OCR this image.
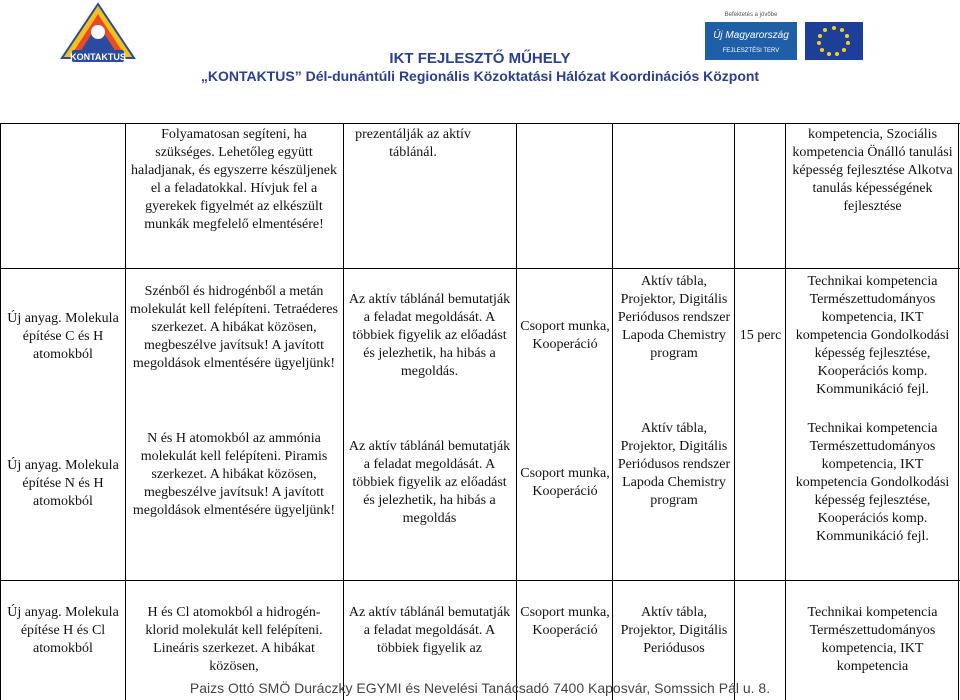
KONTAKTUS
Új Magyarország
FEJLESZTÉSI TERV
Befektetés a jövőbe
IKT FEJLESZTŐ MŰHELY
„KONTAKTUS” Dél-dunántúli Regionális Közoktatási Hálózat Koordinációs Központ
Folyamatosan segíteni, ha szükséges. Lehetőleg együtt haladjanak, és egyszerre készüljenek el a feladatokkal. Hívjuk fel a gyerekek figyelmét az elkészült munkák megfelelő elmentésére!
prezentálják az aktív táblánál.
kompetencia, Szociális kompetencia Önálló tanulási képesség fejlesztése Alkotva tanulás képességének fejlesztése
Új anyag. Molekula építése C és H atomokból
Szénből és hidrogénből a metán molekulát kell felépíteni. Tetraéderes szerkezet. A hibákat közösen, megbeszélve javítsuk! A javított megoldások elmentésére ügyeljünk!
Az aktív táblánál bemutatják a feladat megoldását. A többiek figyelik az előadást és jelezhetik, ha hibás a megoldás.
Csoport munka, Kooperáció
Aktív tábla, Projektor, Digitális Periódusos rendszer Lapoda Chemistry program
15 perc
Technikai kompetencia Természettudományos kompetencia, IKT kompetencia Gondolkodási képesség fejlesztése, Kooperációs komp. Kommunikáció fejl.
Új anyag. Molekula építése N és H atomokból
N és H atomokból az ammónia molekulát kell felépíteni. Piramis szerkezet. A hibákat közösen, megbeszélve javítsuk! A javított megoldások elmentésére ügyeljünk!
Az aktív táblánál bemutatják a feladat megoldását. A többiek figyelik az előadást és jelezhetik, ha hibás a megoldás
Csoport munka, Kooperáció
Aktív tábla, Projektor, Digitális Periódusos rendszer Lapoda Chemistry program
Technikai kompetencia Természettudományos kompetencia, IKT kompetencia Gondolkodási képesség fejlesztése, Kooperációs komp. Kommunikáció fejl.
Új anyag. Molekula építése H és Cl atomokból
H és Cl atomokból a hidrogén- klorid molekulát kell felépíteni. Lineáris szerkezet. A hibákat közösen,
Az aktív táblánál bemutatják a feladat megoldását. A többiek figyelik az
Csoport munka, Kooperáció
Aktív tábla, Projektor, Digitális Periódusos
Technikai kompetencia Természettudományos kompetencia, IKT kompetencia
Paizs Ottó SMÖ Duráczky EGYMI és Nevelési Tanácsadó 7400 Kaposvár, Somssich Pál u. 8.
